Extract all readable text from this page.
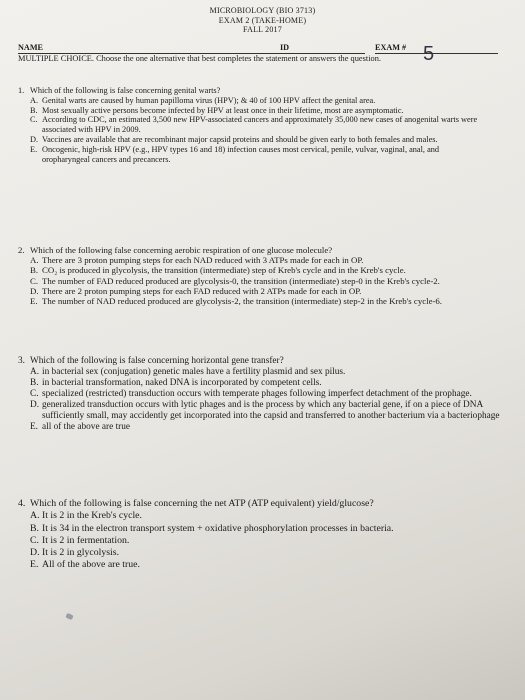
MICROBIOLOGY (BIO 3713)
EXAM 2 (TAKE-HOME)
FALL 2017
NAME	ID	EXAM # 5
MULTIPLE CHOICE. Choose the one alternative that best completes the statement or answers the question.
1. Which of the following is false concerning genital warts?
A. Genital warts are caused by human papilloma virus (HPV); & 40 of 100 HPV affect the genital area.
B. Most sexually active persons become infected by HPV at least once in their lifetime, most are asymptomatic.
C. According to CDC, an estimated 3,500 new HPV-associated cancers and approximately 35,000 new cases of anogenital warts were associated with HPV in 2009.
D. Vaccines are available that are recombinant major capsid proteins and should be given early to both females and males.
E. Oncogenic, high-risk HPV (e.g., HPV types 16 and 18) infection causes most cervical, penile, vulvar, vaginal, anal, and oropharyngeal cancers and precancers.
2. Which of the following false concerning aerobic respiration of one glucose molecule?
A. There are 3 proton pumping steps for each NAD reduced with 3 ATPs made for each in OP.
B. CO₂ is produced in glycolysis, the transition (intermediate) step of Kreb's cycle and in the Kreb's cycle.
C. The number of FAD reduced produced are glycolysis-0, the transition (intermediate) step-0 in the Kreb's cycle-2.
D. There are 2 proton pumping steps for each FAD reduced with 2 ATPs made for each in OP.
E. The number of NAD reduced produced are glycolysis-2, the transition (intermediate) step-2 in the Kreb's cycle-6.
3. Which of the following is false concerning horizontal gene transfer?
A. in bacterial sex (conjugation) genetic males have a fertility plasmid and sex pilus.
B. in bacterial transformation, naked DNA is incorporated by competent cells.
C. specialized (restricted) transduction occurs with temperate phages following imperfect detachment of the prophage.
D. generalized transduction occurs with lytic phages and is the process by which any bacterial gene, if on a piece of DNA sufficiently small, may accidently get incorporated into the capsid and transferred to another bacterium via a bacteriophage
E. all of the above are true
4. Which of the following is false concerning the net ATP (ATP equivalent) yield/glucose?
A. It is 2 in the Kreb's cycle.
B. It is 34 in the electron transport system + oxidative phosphorylation processes in bacteria.
C. It is 2 in fermentation.
D. It is 2 in glycolysis.
E. All of the above are true.
